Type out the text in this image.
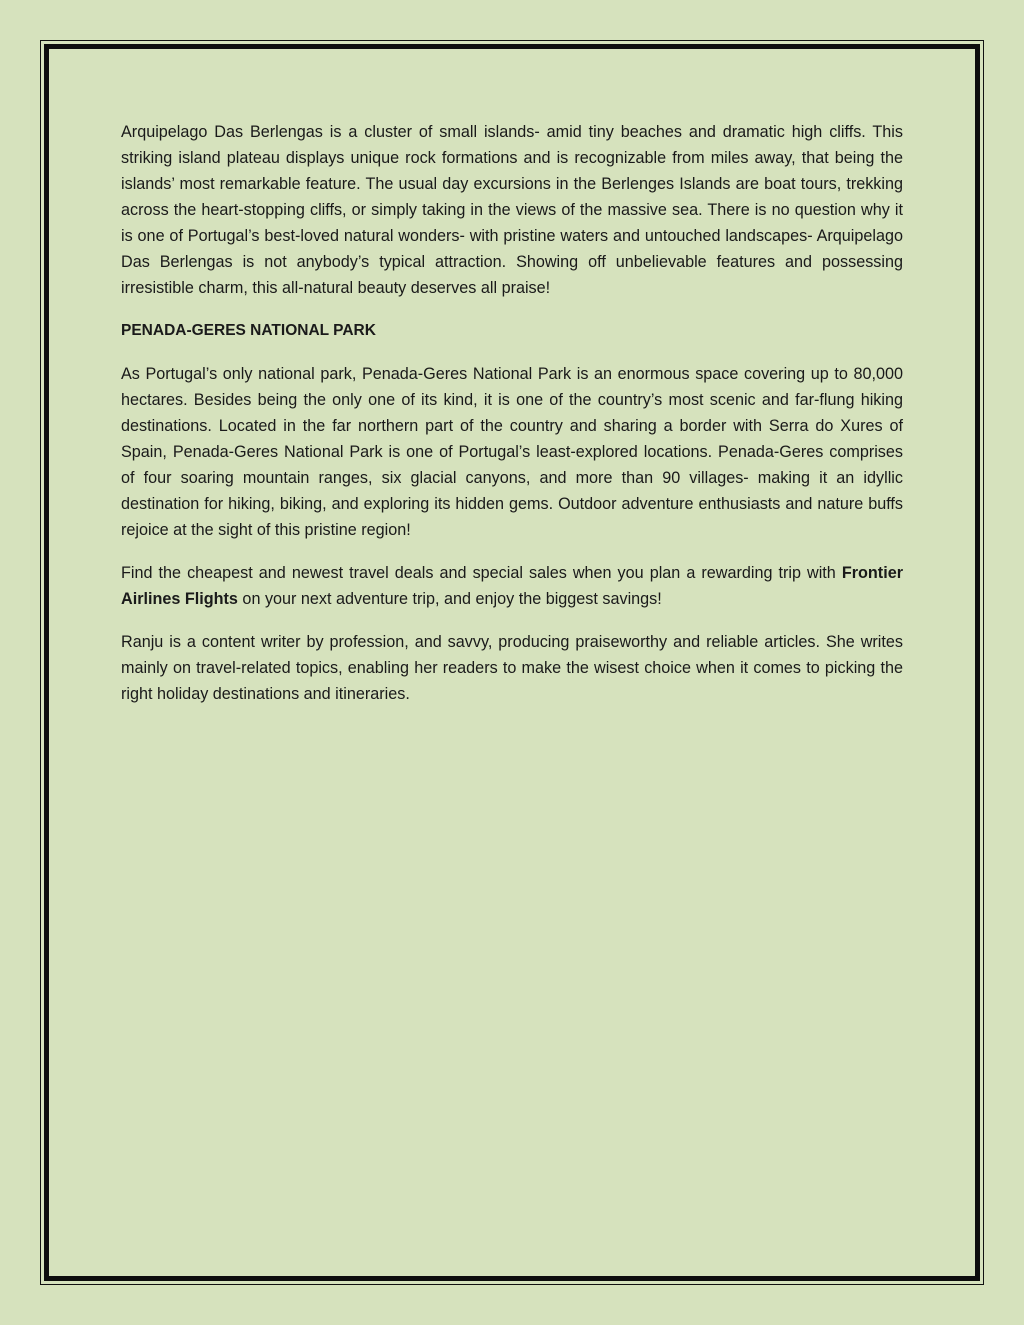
Arquipelago Das Berlengas is a cluster of small islands- amid tiny beaches and dramatic high cliffs. This striking island plateau displays unique rock formations and is recognizable from miles away, that being the islands’ most remarkable feature. The usual day excursions in the Berlenges Islands are boat tours, trekking across the heart-stopping cliffs, or simply taking in the views of the massive sea. There is no question why it is one of Portugal’s best-loved natural wonders- with pristine waters and untouched landscapes- Arquipelago Das Berlengas is not anybody’s typical attraction. Showing off unbelievable features and possessing irresistible charm, this all-natural beauty deserves all praise!

PENADA-GERES NATIONAL PARK

As Portugal’s only national park, Penada-Geres National Park is an enormous space covering up to 80,000 hectares. Besides being the only one of its kind, it is one of the country’s most scenic and far-flung hiking destinations. Located in the far northern part of the country and sharing a border with Serra do Xures of Spain, Penada-Geres National Park is one of Portugal’s least-explored locations. Penada-Geres comprises of four soaring mountain ranges, six glacial canyons, and more than 90 villages- making it an idyllic destination for hiking, biking, and exploring its hidden gems. Outdoor adventure enthusiasts and nature buffs rejoice at the sight of this pristine region!

Find the cheapest and newest travel deals and special sales when you plan a rewarding trip with Frontier Airlines Flights on your next adventure trip, and enjoy the biggest savings!

Ranju is a content writer by profession, and savvy, producing praiseworthy and reliable articles. She writes mainly on travel-related topics, enabling her readers to make the wisest choice when it comes to picking the right holiday destinations and itineraries.
